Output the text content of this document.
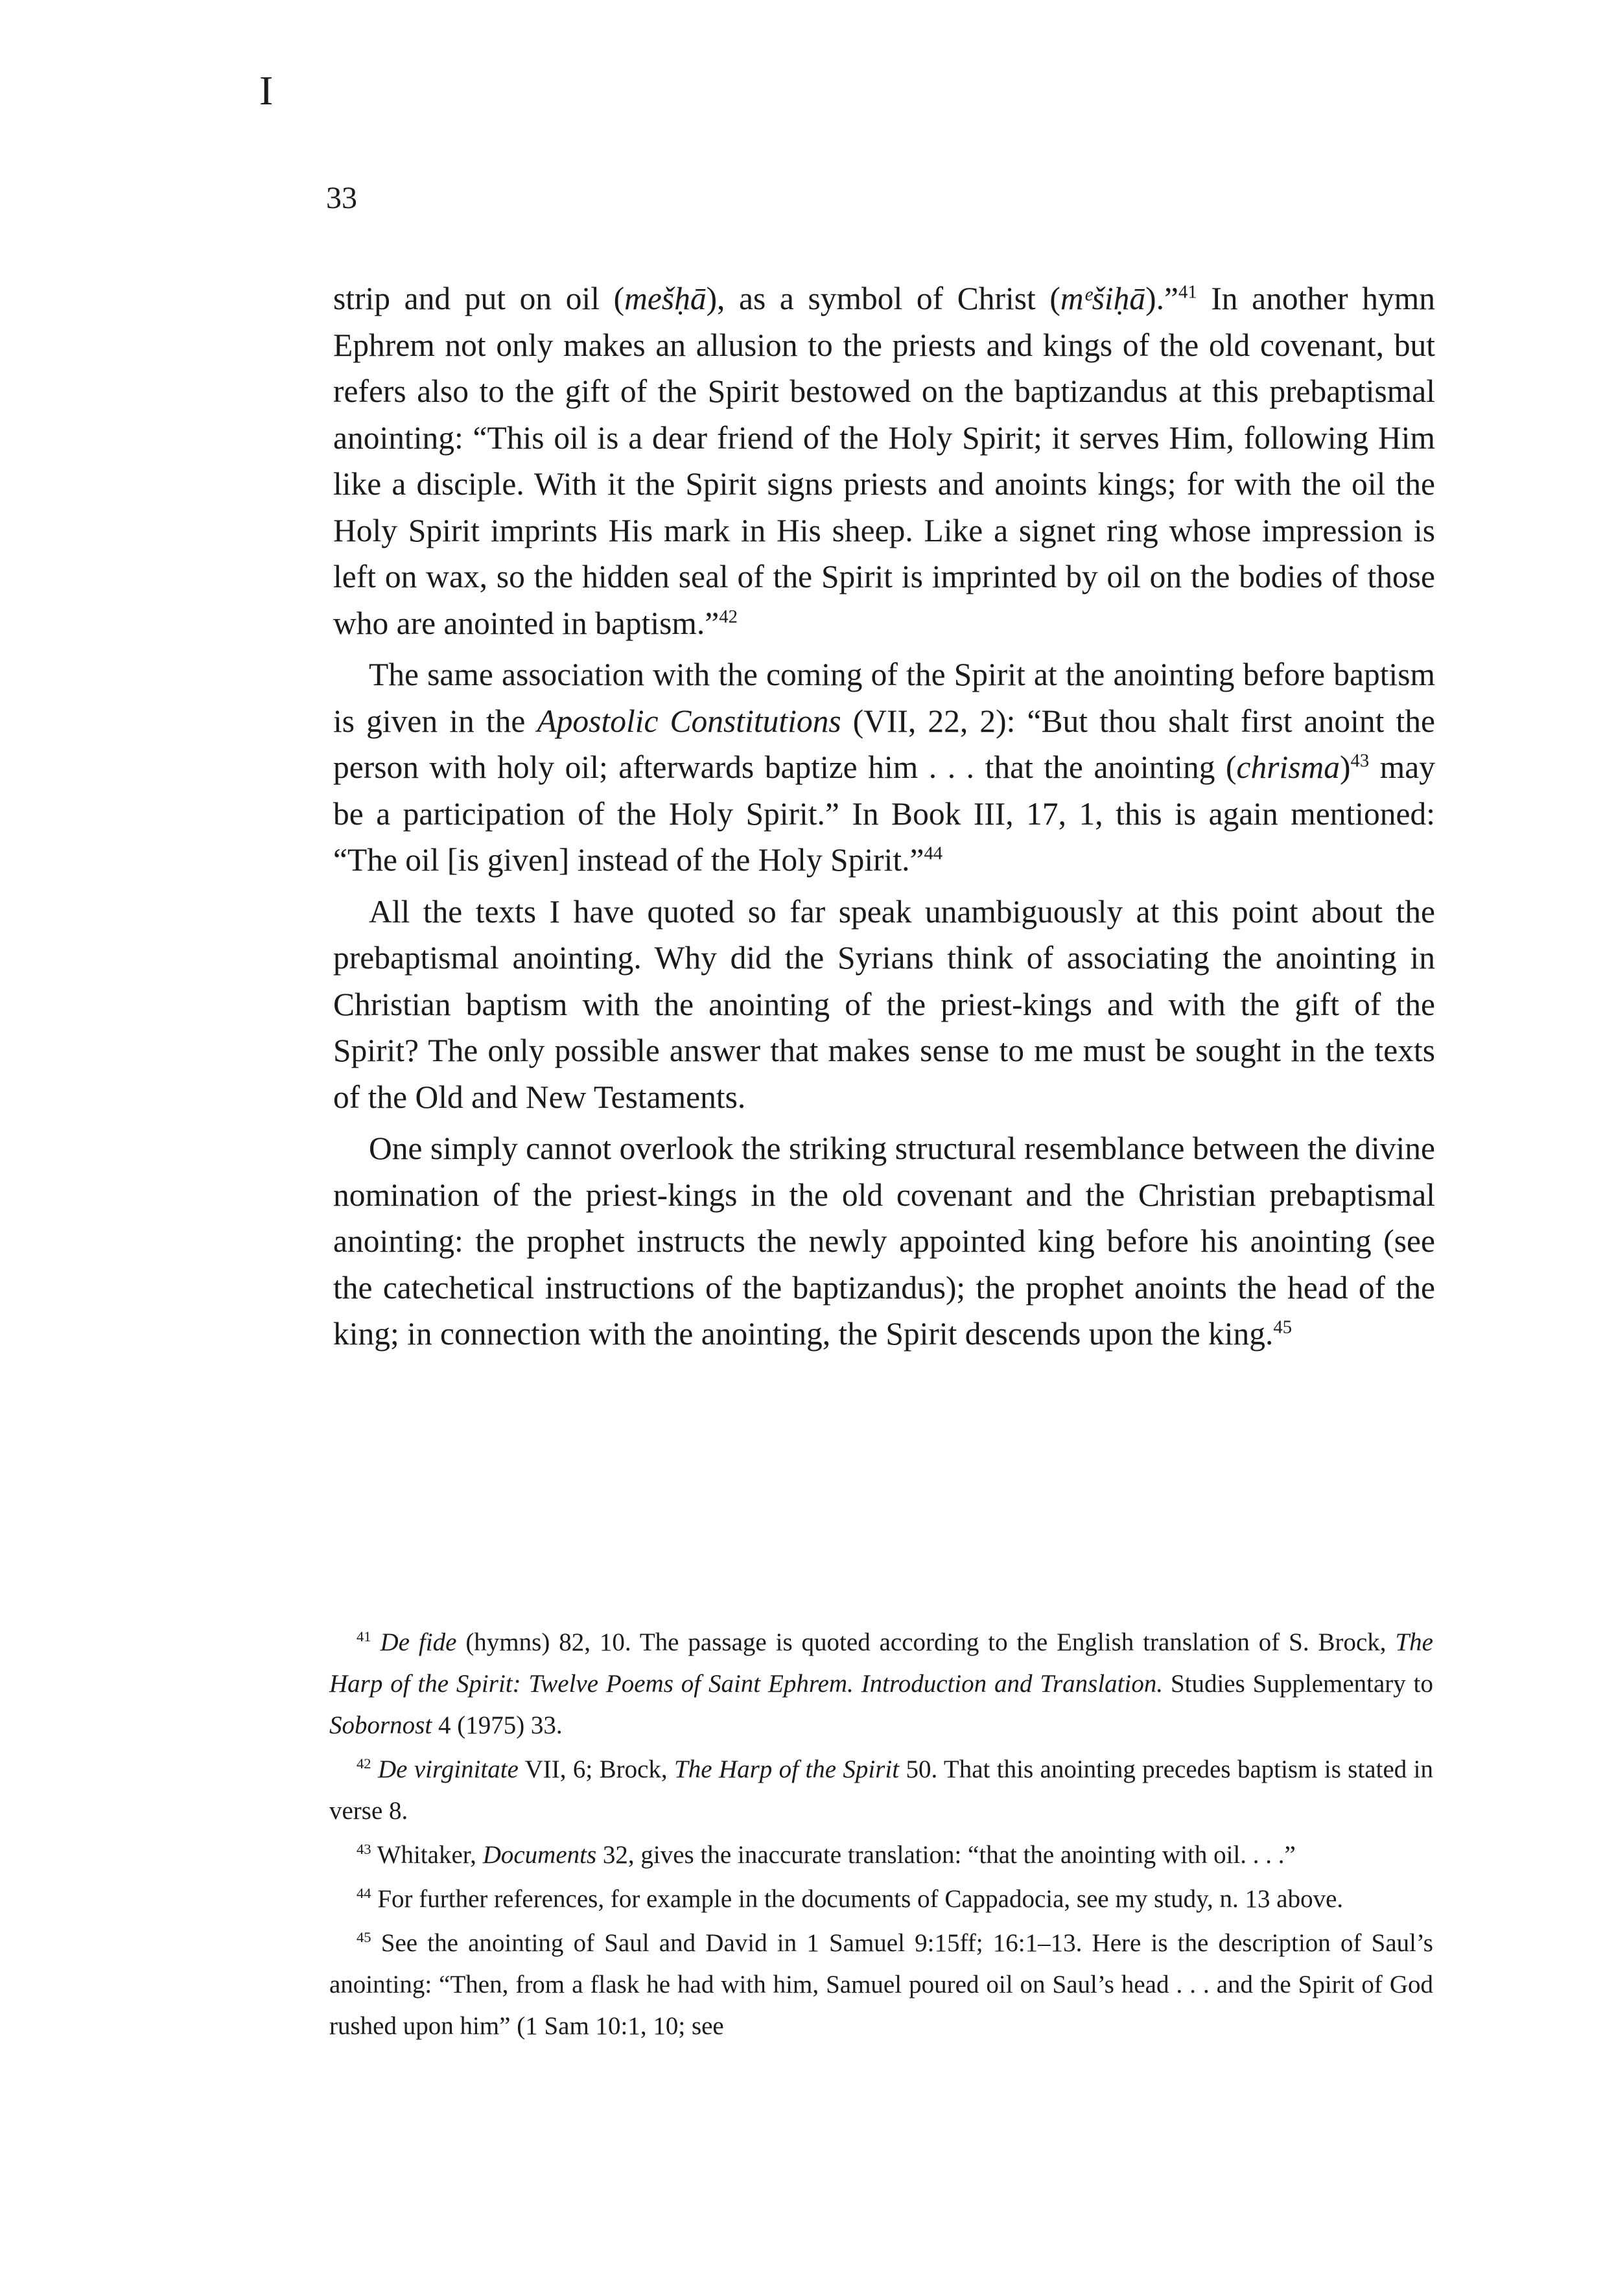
I
33

strip and put on oil (mešḥā), as a symbol of Christ (mᵉšiḥā).”$^{41}$ In another hymn Ephrem not only makes an allusion to the priests and kings of the old covenant, but refers also to the gift of the Spirit bestowed on the baptizandus at this prebaptismal anointing: “This oil is a dear friend of the Holy Spirit; it serves Him, following Him like a disciple. With it the Spirit signs priests and anoints kings; for with the oil the Holy Spirit imprints His mark in His sheep. Like a signet ring whose impression is left on wax, so the hidden seal of the Spirit is imprinted by oil on the bodies of those who are anointed in baptism.”$^{42}$

The same association with the coming of the Spirit at the anointing before baptism is given in the Apostolic Constitutions (VII, 22, 2): “But thou shalt first anoint the person with holy oil; afterwards baptize him . . . that the anointing (chrisma)$^{43}$ may be a participation of the Holy Spirit.” In Book III, 17, 1, this is again mentioned: “The oil [is given] instead of the Holy Spirit.”$^{44}$

All the texts I have quoted so far speak unambiguously at this point about the prebaptismal anointing. Why did the Syrians think of associating the anointing in Christian baptism with the anointing of the priest-kings and with the gift of the Spirit? The only possible answer that makes sense to me must be sought in the texts of the Old and New Testaments.

One simply cannot overlook the striking structural resemblance between the divine nomination of the priest-kings in the old covenant and the Christian prebaptismal anointing: the prophet instructs the newly appointed king before his anointing (see the catechetical instructions of the baptizandus); the prophet anoints the head of the king; in connection with the anointing, the Spirit descends upon the king.$^{45}$

$^{41}$ De fide (hymns) 82, 10. The passage is quoted according to the English translation of S. Brock, The Harp of the Spirit: Twelve Poems of Saint Ephrem. Introduction and Translation. Studies Supplementary to Sobornost 4 (1975) 33.

$^{42}$ De virginitate VII, 6; Brock, The Harp of the Spirit 50. That this anointing precedes baptism is stated in verse 8.

$^{43}$ Whitaker, Documents 32, gives the inaccurate translation: “that the anointing with oil. . . .”

$^{44}$ For further references, for example in the documents of Cappadocia, see my study, n. 13 above.

$^{45}$ See the anointing of Saul and David in 1 Samuel 9:15ff; 16:1–13. Here is the description of Saul’s anointing: “Then, from a flask he had with him, Samuel poured oil on Saul’s head . . . and the Spirit of God rushed upon him” (1 Sam 10:1, 10; see
